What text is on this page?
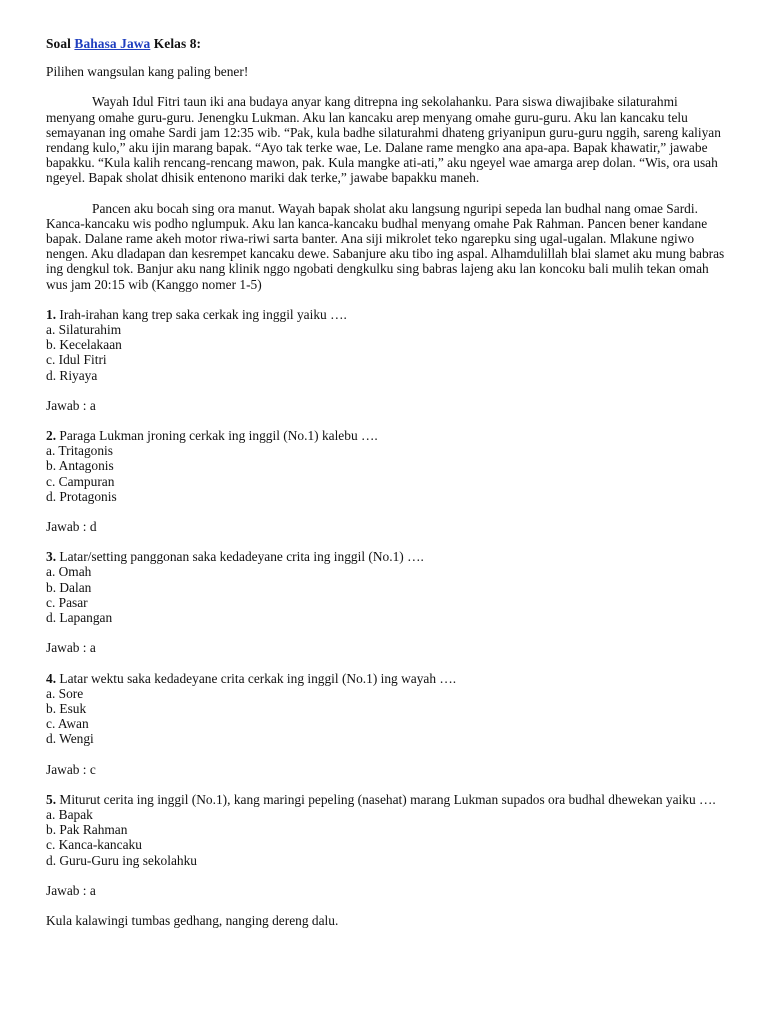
Soal Bahasa Jawa Kelas 8:

Pilihen wangsulan kang paling bener!

Wayah Idul Fitri taun iki ana budaya anyar kang ditrepna ing sekolahanku. Para siswa diwajibake silaturahmi menyang omahe guru-guru. Jenengku Lukman. Aku lan kancaku arep menyang omahe guru-guru. Aku lan kancaku telu semayanan ing omahe Sardi jam 12:35 wib. “Pak, kula badhe silaturahmi dhateng griyanipun guru-guru nggih, sareng kaliyan rendang kulo,” aku ijin marang bapak. “Ayo tak terke wae, Le. Dalane rame mengko ana apa-apa. Bapak khawatir,” jawabe bapakku. “Kula kalih rencang-rencang mawon, pak. Kula mangke ati-ati,” aku ngeyel wae amarga arep dolan. “Wis, ora usah ngeyel. Bapak sholat dhisik entenono mariki dak terke,” jawabe bapakku maneh.

Pancen aku bocah sing ora manut. Wayah bapak sholat aku langsung nguripi sepeda lan budhal nang omae Sardi. Kanca-kancaku wis podho nglumpuk. Aku lan kanca-kancaku budhal menyang omahe Pak Rahman. Pancen bener kandane bapak. Dalane rame akeh motor riwa-riwi sarta banter. Ana siji mikrolet teko ngarepku sing ugal-ugalan. Mlakune ngiwo nengen. Aku dladapan dan kesrempet kancaku dewe. Sabanjure aku tibo ing aspal. Alhamdulillah blai slamet aku mung babras ing dengkul tok. Banjur aku nang klinik nggo ngobati dengkulku sing babras lajeng aku lan koncoku bali mulih tekan omah wus jam 20:15 wib (Kanggo nomer 1-5)

1. Irah-irahan kang trep saka cerkak ing inggil yaiku ….

a. Silaturahim
b. Kecelakaan
c. Idul Fitri
d. Riyaya

Jawab : a

2. Paraga Lukman jroning cerkak ing inggil (No.1) kalebu ….

a. Tritagonis
b. Antagonis
c. Campuran
d. Protagonis

Jawab : d

3. Latar/setting panggonan saka kedadeyane crita ing inggil (No.1) ….

a. Omah
b. Dalan
c. Pasar
d. Lapangan

Jawab : a

4. Latar wektu saka kedadeyane crita cerkak ing inggil (No.1) ing wayah ….

a. Sore
b. Esuk
c. Awan
d. Wengi

Jawab : c

5. Miturut cerita ing inggil (No.1), kang maringi pepeling (nasehat) marang Lukman supados ora budhal dhewekan yaiku ….

a. Bapak
b. Pak Rahman
c. Kanca-kancaku
d. Guru-Guru ing sekolahku

Jawab : a

Kula kalawingi tumbas gedhang, nanging dereng dalu.
